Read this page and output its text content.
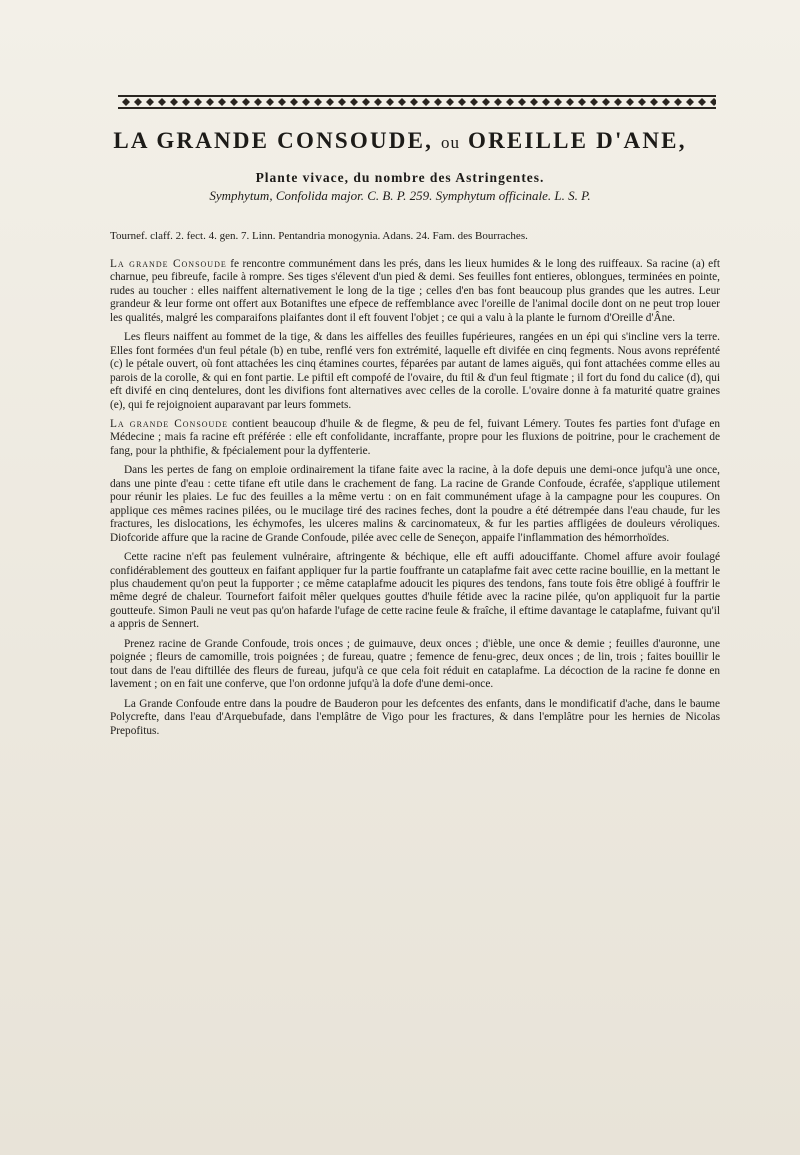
LA GRANDE CONSOUDE, ou OREILLE D'ANE,
Plante vivace, du nombre des Astringentes.
Symphytum, Confolida major. C. B. P. 259. Symphytum officinale. L. S. P.
Tournef. claff. 2. fect. 4. gen. 7. Linn. Pentandria monogynia. Adans. 24. Fam. des Bourraches.

La grande Consoude fe rencontre communément dans les prés, dans les lieux humides & le long des ruiffeaux. Sa racine (a) eft charnue, peu fibreufe, facile à rompre. Ses tiges s'élevent d'un pied & demi. Ses feuilles font entieres, oblongues, terminées en pointe, rudes au toucher : elles naiffent alternativement le long de la tige ; celles d'en bas font beaucoup plus grandes que les autres. Leur grandeur & leur forme ont offert aux Botaniftes une efpece de reffemblance avec l'oreille de l'animal docile dont on ne peut trop louer les qualités, malgré les comparaifons plaifantes dont il eft fouvent l'objet ; ce qui a valu à la plante le furnom d'Oreille d'Âne.

Les fleurs naiffent au fommet de la tige, & dans les aiffelles des feuilles fupérieures, rangées en un épi qui s'incline vers la terre. Elles font formées d'un feul pétale (b) en tube, renflé vers fon extrémité, laquelle eft divifée en cinq fegments. Nous avons repréfenté (c) le pétale ouvert, où font attachées les cinq étamines courtes, féparées par autant de lames aiguës, qui font attachées comme elles au parois de la corolle, & qui en font partie. Le piftil eft compofé de l'ovaire, du ftil & d'un feul ftigmate ; il fort du fond du calice (d), qui eft divifé en cinq dentelures, dont les divifions font alternatives avec celles de la corolle. L'ovaire donne à fa maturité quatre graines (e), qui fe rejoignoient auparavant par leurs fommets.

La grande Consoude contient beaucoup d'huile & de flegme, & peu de fel, fuivant Lémery. Toutes fes parties font d'ufage en Médecine ; mais fa racine eft préférée : elle eft confolidante, incraffante, propre pour les fluxions de poitrine, pour le crachement de fang, pour la phthifie, & fpécialement pour la dyffenterie.

Dans les pertes de fang on emploie ordinairement la tifane faite avec la racine, à la dofe depuis une demi-once jufqu'à une once, dans une pinte d'eau : cette tifane eft utile dans le crachement de fang. La racine de Grande Confoude, écrafée, s'applique utilement pour réunir les plaies. Le fuc des feuilles a la même vertu : on en fait communément ufage à la campagne pour les coupures. On applique ces mêmes racines pilées, ou le mucilage tiré des racines feches, dont la poudre a été détrempée dans l'eau chaude, fur les fractures, les dislocations, les échymofes, les ulceres malins & carcinomateux, & fur les parties affligées de douleurs véroliques. Diofcoride affure que la racine de Grande Confoude, pilée avec celle de Seneçon, appaife l'inflammation des hémorrhoïdes.

Cette racine n'eft pas feulement vulnéraire, aftringente & béchique, elle eft auffi adouciffante. Chomel affure avoir foulagé confidérablement des goutteux en faifant appliquer fur la partie fouffrante un cataplafme fait avec cette racine bouillie, en la mettant le plus chaudement qu'on peut la fupporter ; ce même cataplafme adoucit les piqures des tendons, fans toute fois être obligé à fouffrir le même degré de chaleur. Tournefort faifoit mêler quelques gouttes d'huile fétide avec la racine pilée, qu'on appliquoit fur la partie goutteufe. Simon Pauli ne veut pas qu'on hafarde l'ufage de cette racine feule & fraîche, il eftime davantage le cataplafme, fuivant qu'il a appris de Sennert.

Prenez racine de Grande Confoude, trois onces ; de guimauve, deux onces ; d'ièble, une once & demie ; feuilles d'auronne, une poignée ; fleurs de camomille, trois poignées ; de fureau, quatre ; femence de fenu-grec, deux onces ; de lin, trois ; faites bouillir le tout dans de l'eau diftillée des fleurs de fureau, jufqu'à ce que cela foit réduit en cataplafme. La décoction de la racine fe donne en lavement ; on en fait une conferve, que l'on ordonne jufqu'à la dofe d'une demi-once.

La Grande Confoude entre dans la poudre de Bauderon pour les defcentes des enfants, dans le mondificatif d'ache, dans le baume Polycrefte, dans l'eau d'Arquebufade, dans l'emplâtre de Vigo pour les fractures, & dans l'emplâtre pour les hernies de Nicolas Prepofitus.
